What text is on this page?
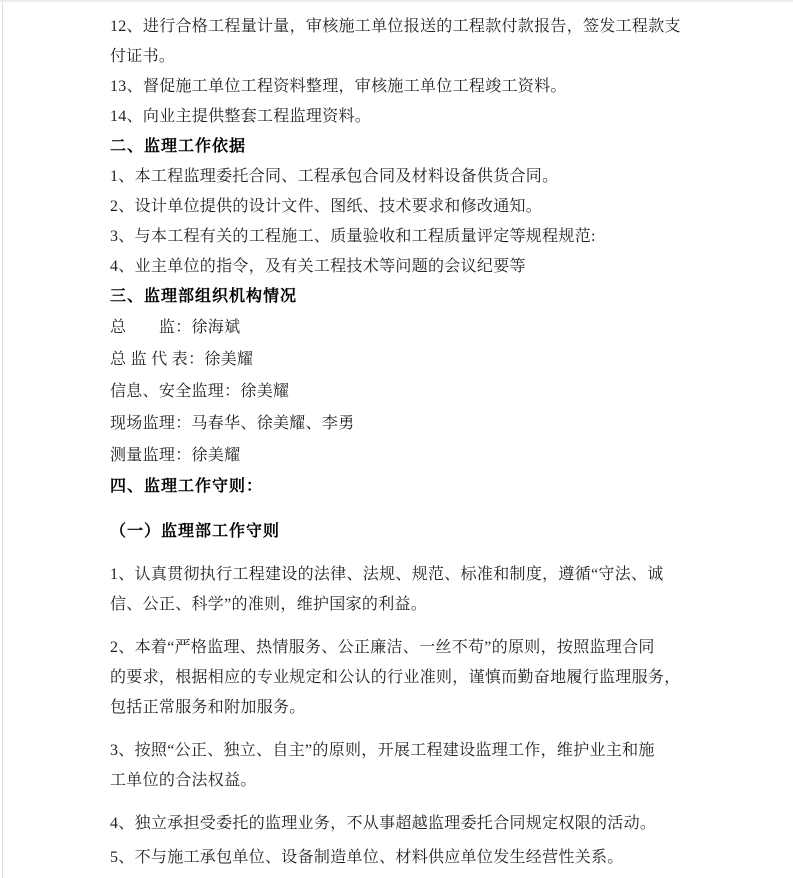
12、进行合格工程量计量，审核施工单位报送的工程款付款报告，签发工程款支
付证书。
13、督促施工单位工程资料整理，审核施工单位工程竣工资料。
14、向业主提供整套工程监理资料。
二、监理工作依据
1、本工程监理委托合同、工程承包合同及材料设备供货合同。
2、设计单位提供的设计文件、图纸、技术要求和修改通知。
3、与本工程有关的工程施工、质量验收和工程质量评定等规程规范:
4、业主单位的指令，及有关工程技术等问题的会议纪要等
三、监理部组织机构情况
总　　监：徐海斌
总 监 代 表：徐美耀
信息、安全监理：徐美耀
现场监理：马春华、徐美耀、李勇
测量监理：徐美耀
四、监理工作守则：
（一）监理部工作守则
1、认真贯彻执行工程建设的法律、法规、规范、标准和制度，遵循“守法、诚
信、公正、科学”的准则，维护国家的利益。
2、本着“严格监理、热情服务、公正廉洁、一丝不苟”的原则，按照监理合同
的要求，根据相应的专业规定和公认的行业准则，谨慎而勤奋地履行监理服务，
包括正常服务和附加服务。
3、按照“公正、独立、自主”的原则，开展工程建设监理工作，维护业主和施
工单位的合法权益。
4、独立承担受委托的监理业务，不从事超越监理委托合同规定权限的活动。
5、不与施工承包单位、设备制造单位、材料供应单位发生经营性关系。
